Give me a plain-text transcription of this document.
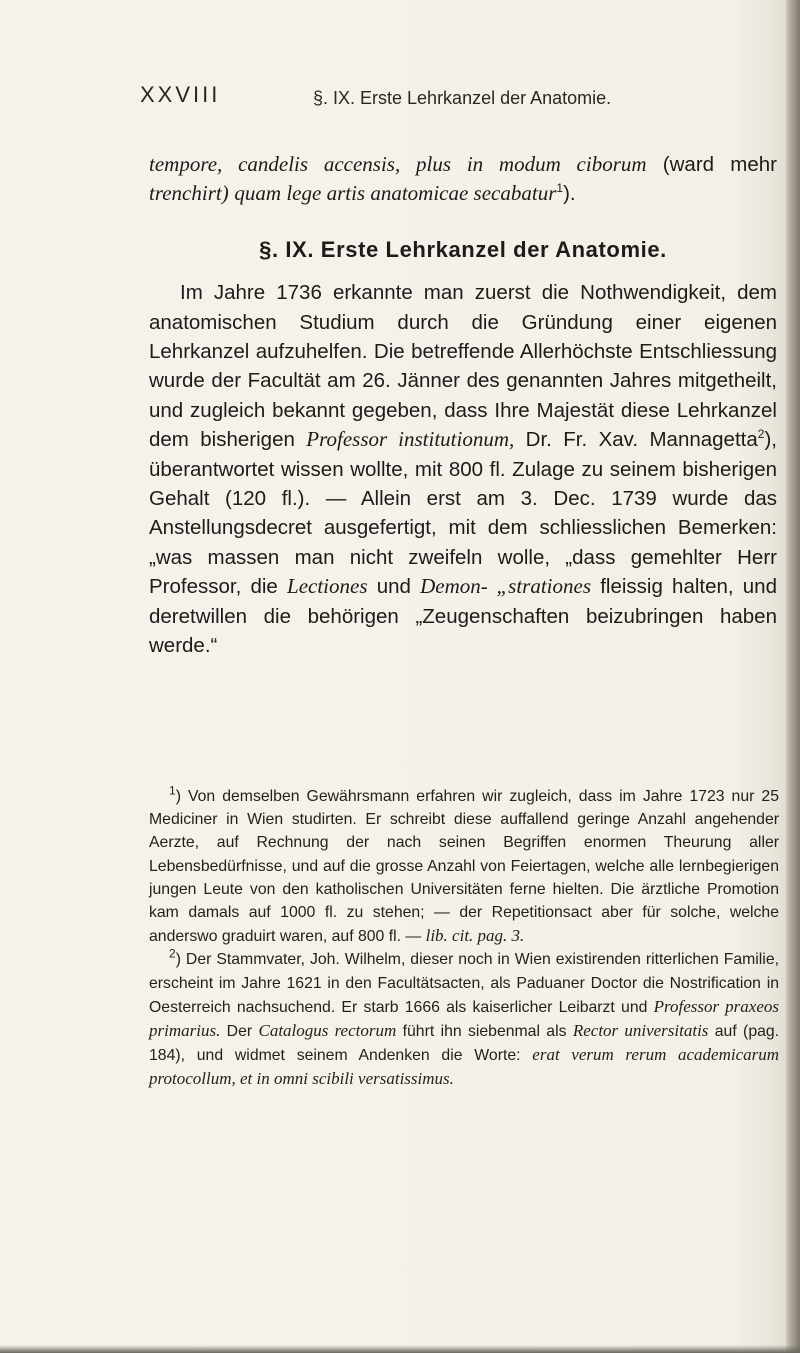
XXVIII	§. IX. Erste Lehrkanzel der Anatomie.

tempore, candelis accensis, plus in modum ciborum (ward mehr trenchirt) quam lege artis anatomicae secabatur$^1$).

§. IX. Erste Lehrkanzel der Anatomie.

Im Jahre 1736 erkannte man zuerst die Nothwendigkeit, dem anatomischen Studium durch die Gründung einer eigenen Lehrkanzel aufzuhelfen. Die betreffende Allerhöchste Entschliessung wurde der Facultät am 26. Jänner des genannten Jahres mitgetheilt, und zugleich bekannt gegeben, dass Ihre Majestät diese Lehrkanzel dem bisherigen Professor institutionum, Dr. Fr. Xav. Mannagetta$^2$), überantwortet wissen wollte, mit 800 fl. Zulage zu seinem bisherigen Gehalt (120 fl.). — Allein erst am 3. Dec. 1739 wurde das Anstellungsdecret ausgefertigt, mit dem schliesslichen Bemerken: „was massen man nicht zweifeln wolle, „dass gemehlter Herr Professor, die Lectiones und Demon- „strationes fleissig halten, und deretwillen die behörigen „Zeugenschaften beizubringen haben werde.“

$^1$) Von demselben Gewährsmann erfahren wir zugleich, dass im Jahre 1723 nur 25 Mediciner in Wien studirten. Er schreibt diese auffallend geringe Anzahl angehender Aerzte, auf Rechnung der nach seinen Begriffen enormen Theurung aller Lebensbedürfnisse, und auf die grosse Anzahl von Feiertagen, welche alle lernbegierigen jungen Leute von den katholischen Universitäten ferne hielten. Die ärztliche Promotion kam damals auf 1000 fl. zu stehen; — der Repetitionsact aber für solche, welche anderswo graduirt waren, auf 800 fl. — lib. cit. pag. 3.

$^2$) Der Stammvater, Joh. Wilhelm, dieser noch in Wien existirenden ritterlichen Familie, erscheint im Jahre 1621 in den Facultätsacten, als Paduaner Doctor die Nostrification in Oesterreich nachsuchend. Er starb 1666 als kaiserlicher Leibarzt und Professor praxeos primarius. Der Catalogus rectorum führt ihn siebenmal als Rector universitatis auf (pag. 184), und widmet seinem Andenken die Worte: erat verum rerum academicarum protocollum, et in omni scibili versatissimus.
